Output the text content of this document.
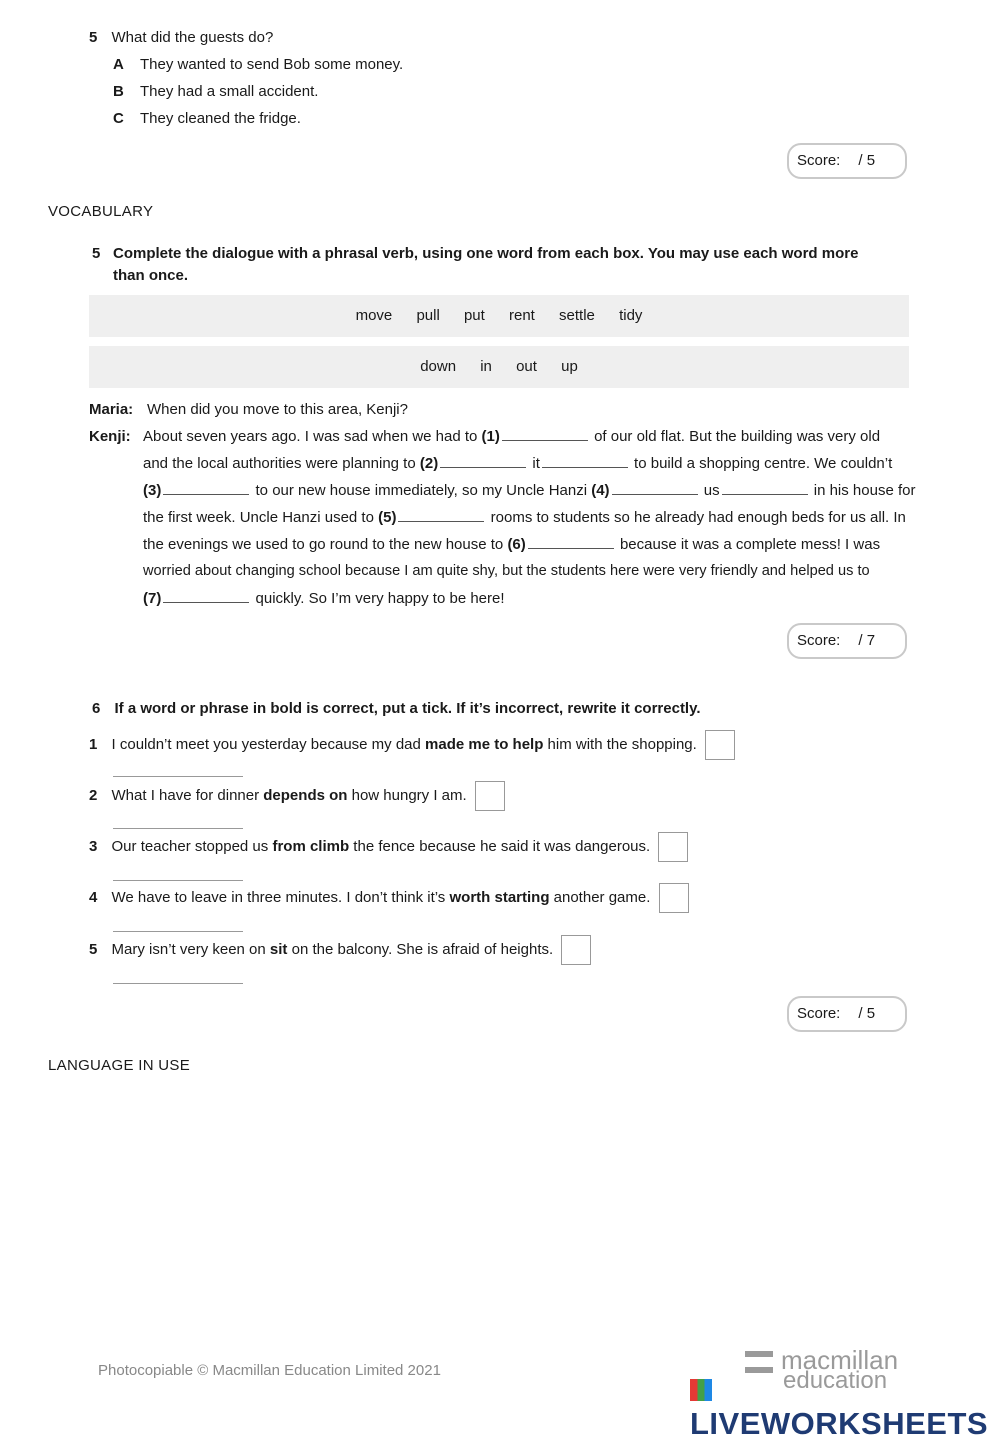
5 What did the guests do?
A They wanted to send Bob some money.
B They had a small accident.
C They cleaned the fridge.
Score: / 5
VOCABULARY
5 Complete the dialogue with a phrasal verb, using one word from each box. You may use each word more than once.
move pull put rent settle tidy
down in out up
Maria: When did you move to this area, Kenji?
Kenji: About seven years ago. I was sad when we had to (1)	of our old flat. But the building was very old
and the local authorities were planning to (2)	it	to build a shopping centre. We couldn’t
(3)	to our new house immediately, so my Uncle Hanzi (4)	us	in his house for
the first week. Uncle Hanzi used to (5)	rooms to students so he already had enough beds for us all. In
the evenings we used to go round to the new house to (6)	because it was a complete mess! I was
worried about changing school because I am quite shy, but the students here were very friendly and helped us to
(7)	quickly. So I’m very happy to be here!
Score: / 7
6 If a word or phrase in bold is correct, put a tick. If it’s incorrect, rewrite it correctly.
1 I couldn’t meet you yesterday because my dad made me to help him with the shopping.
2 What I have for dinner depends on how hungry I am.
3 Our teacher stopped us from climb the fence because he said it was dangerous.
4 We have to leave in three minutes. I don’t think it’s worth starting another game.
5 Mary isn’t very keen on sit on the balcony. She is afraid of heights.
Score: / 5
LANGUAGE IN USE
Photocopiable © Macmillan Education Limited 2021	macmillan
education
LIVEWORKSHEETS
